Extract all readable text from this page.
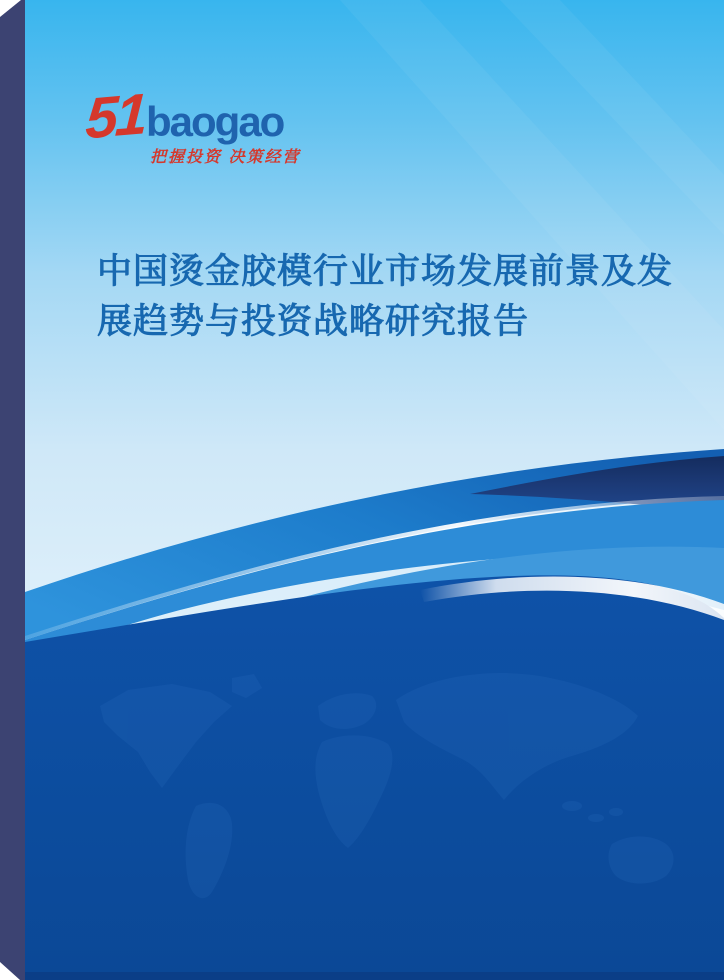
51 baogao
把握投资 决策经营
中国烫金胶模行业市场发展前景及发
展趋势与投资战略研究报告
